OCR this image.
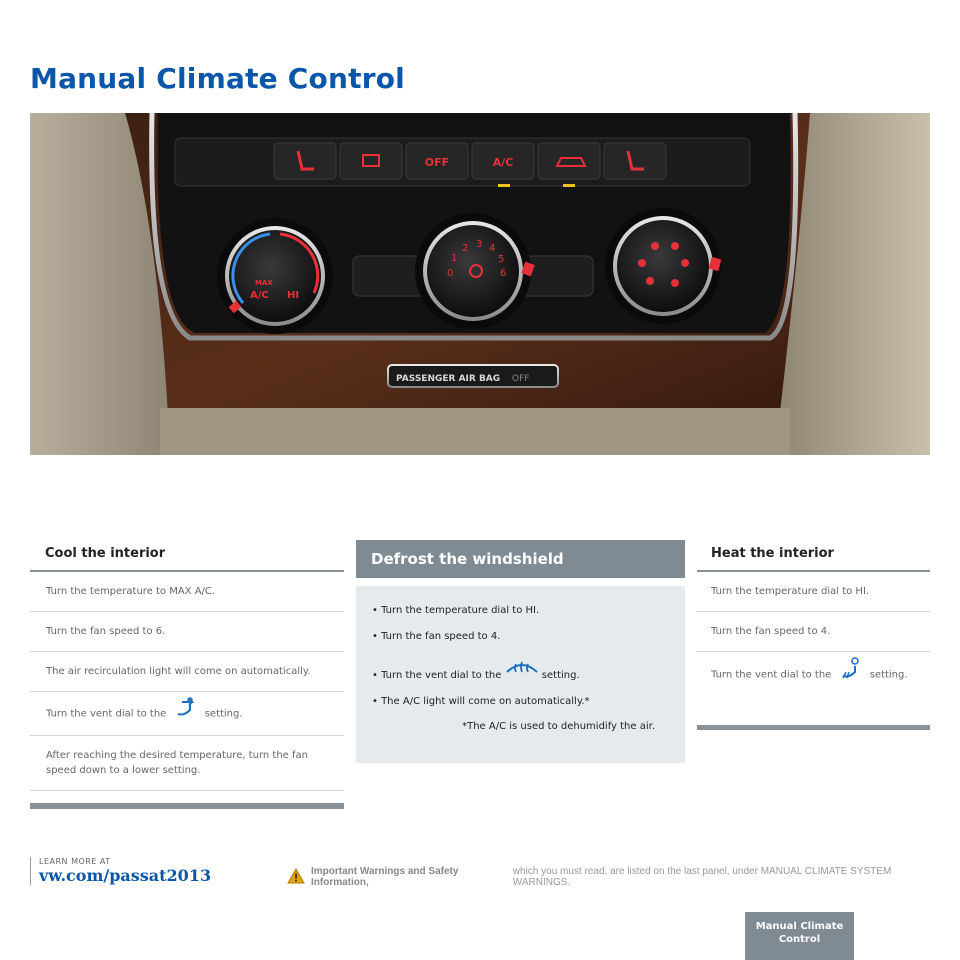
Manual Climate Control
OFF	A/C
MAX
A/C HI
0
1
2 3 4
5
6
PASSENGER AIR BAG OFF
Cool the interior
Turn the temperature to MAX A/C.
Turn the fan speed to 6.
The air recirculation light will come on automatically.
Turn the vent dial to the	setting.
After reaching the desired temperature, turn the fan speed down to a lower setting.
Defrost the windshield
• Turn the temperature dial to HI.
• Turn the fan speed to 4.
• Turn the vent dial to the	setting.
• The A/C light will come on automatically.*
*The A/C is used to dehumidify the air.
Heat the interior
Turn the temperature dial to HI.
Turn the fan speed to 4.
Turn the vent dial to the	setting.
LEARN MORE AT
vw.com/passat2013	Important Warnings and Safety Information,
which you must read, are listed on the last panel, under MANUAL CLIMATE SYSTEM WARNINGS.
Manual Climate Control
